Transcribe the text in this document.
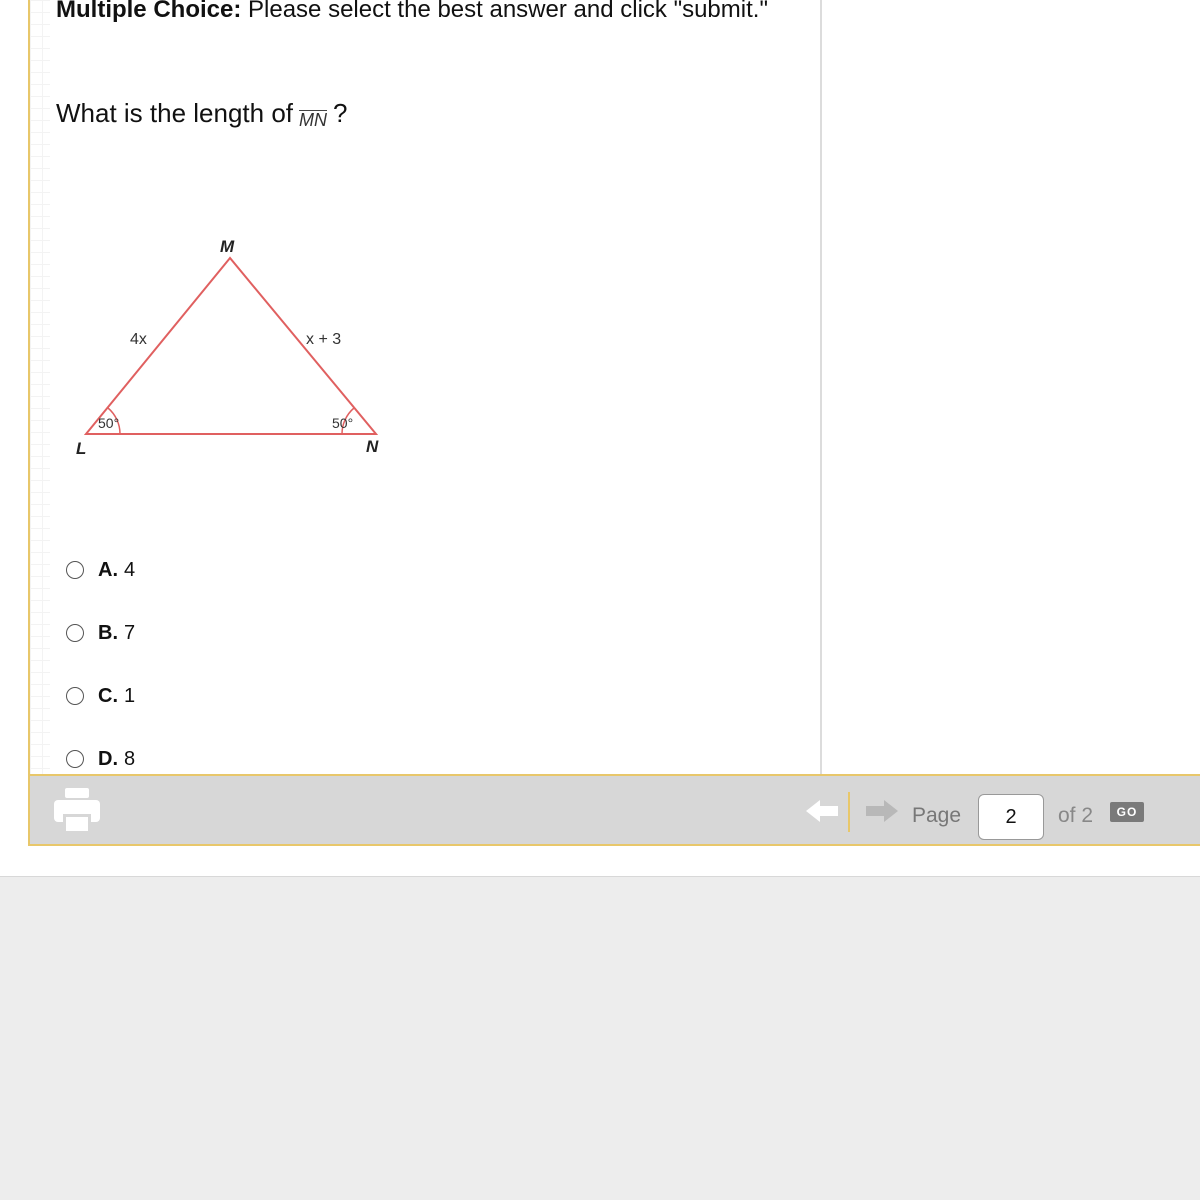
Multiple Choice: Please select the best answer and click "submit."

What is the length of MN ?

M
L	N
4x	x + 3
50°	50°
A. 4
B. 7
C. 1
D. 8
Page
2	of 2	GO
